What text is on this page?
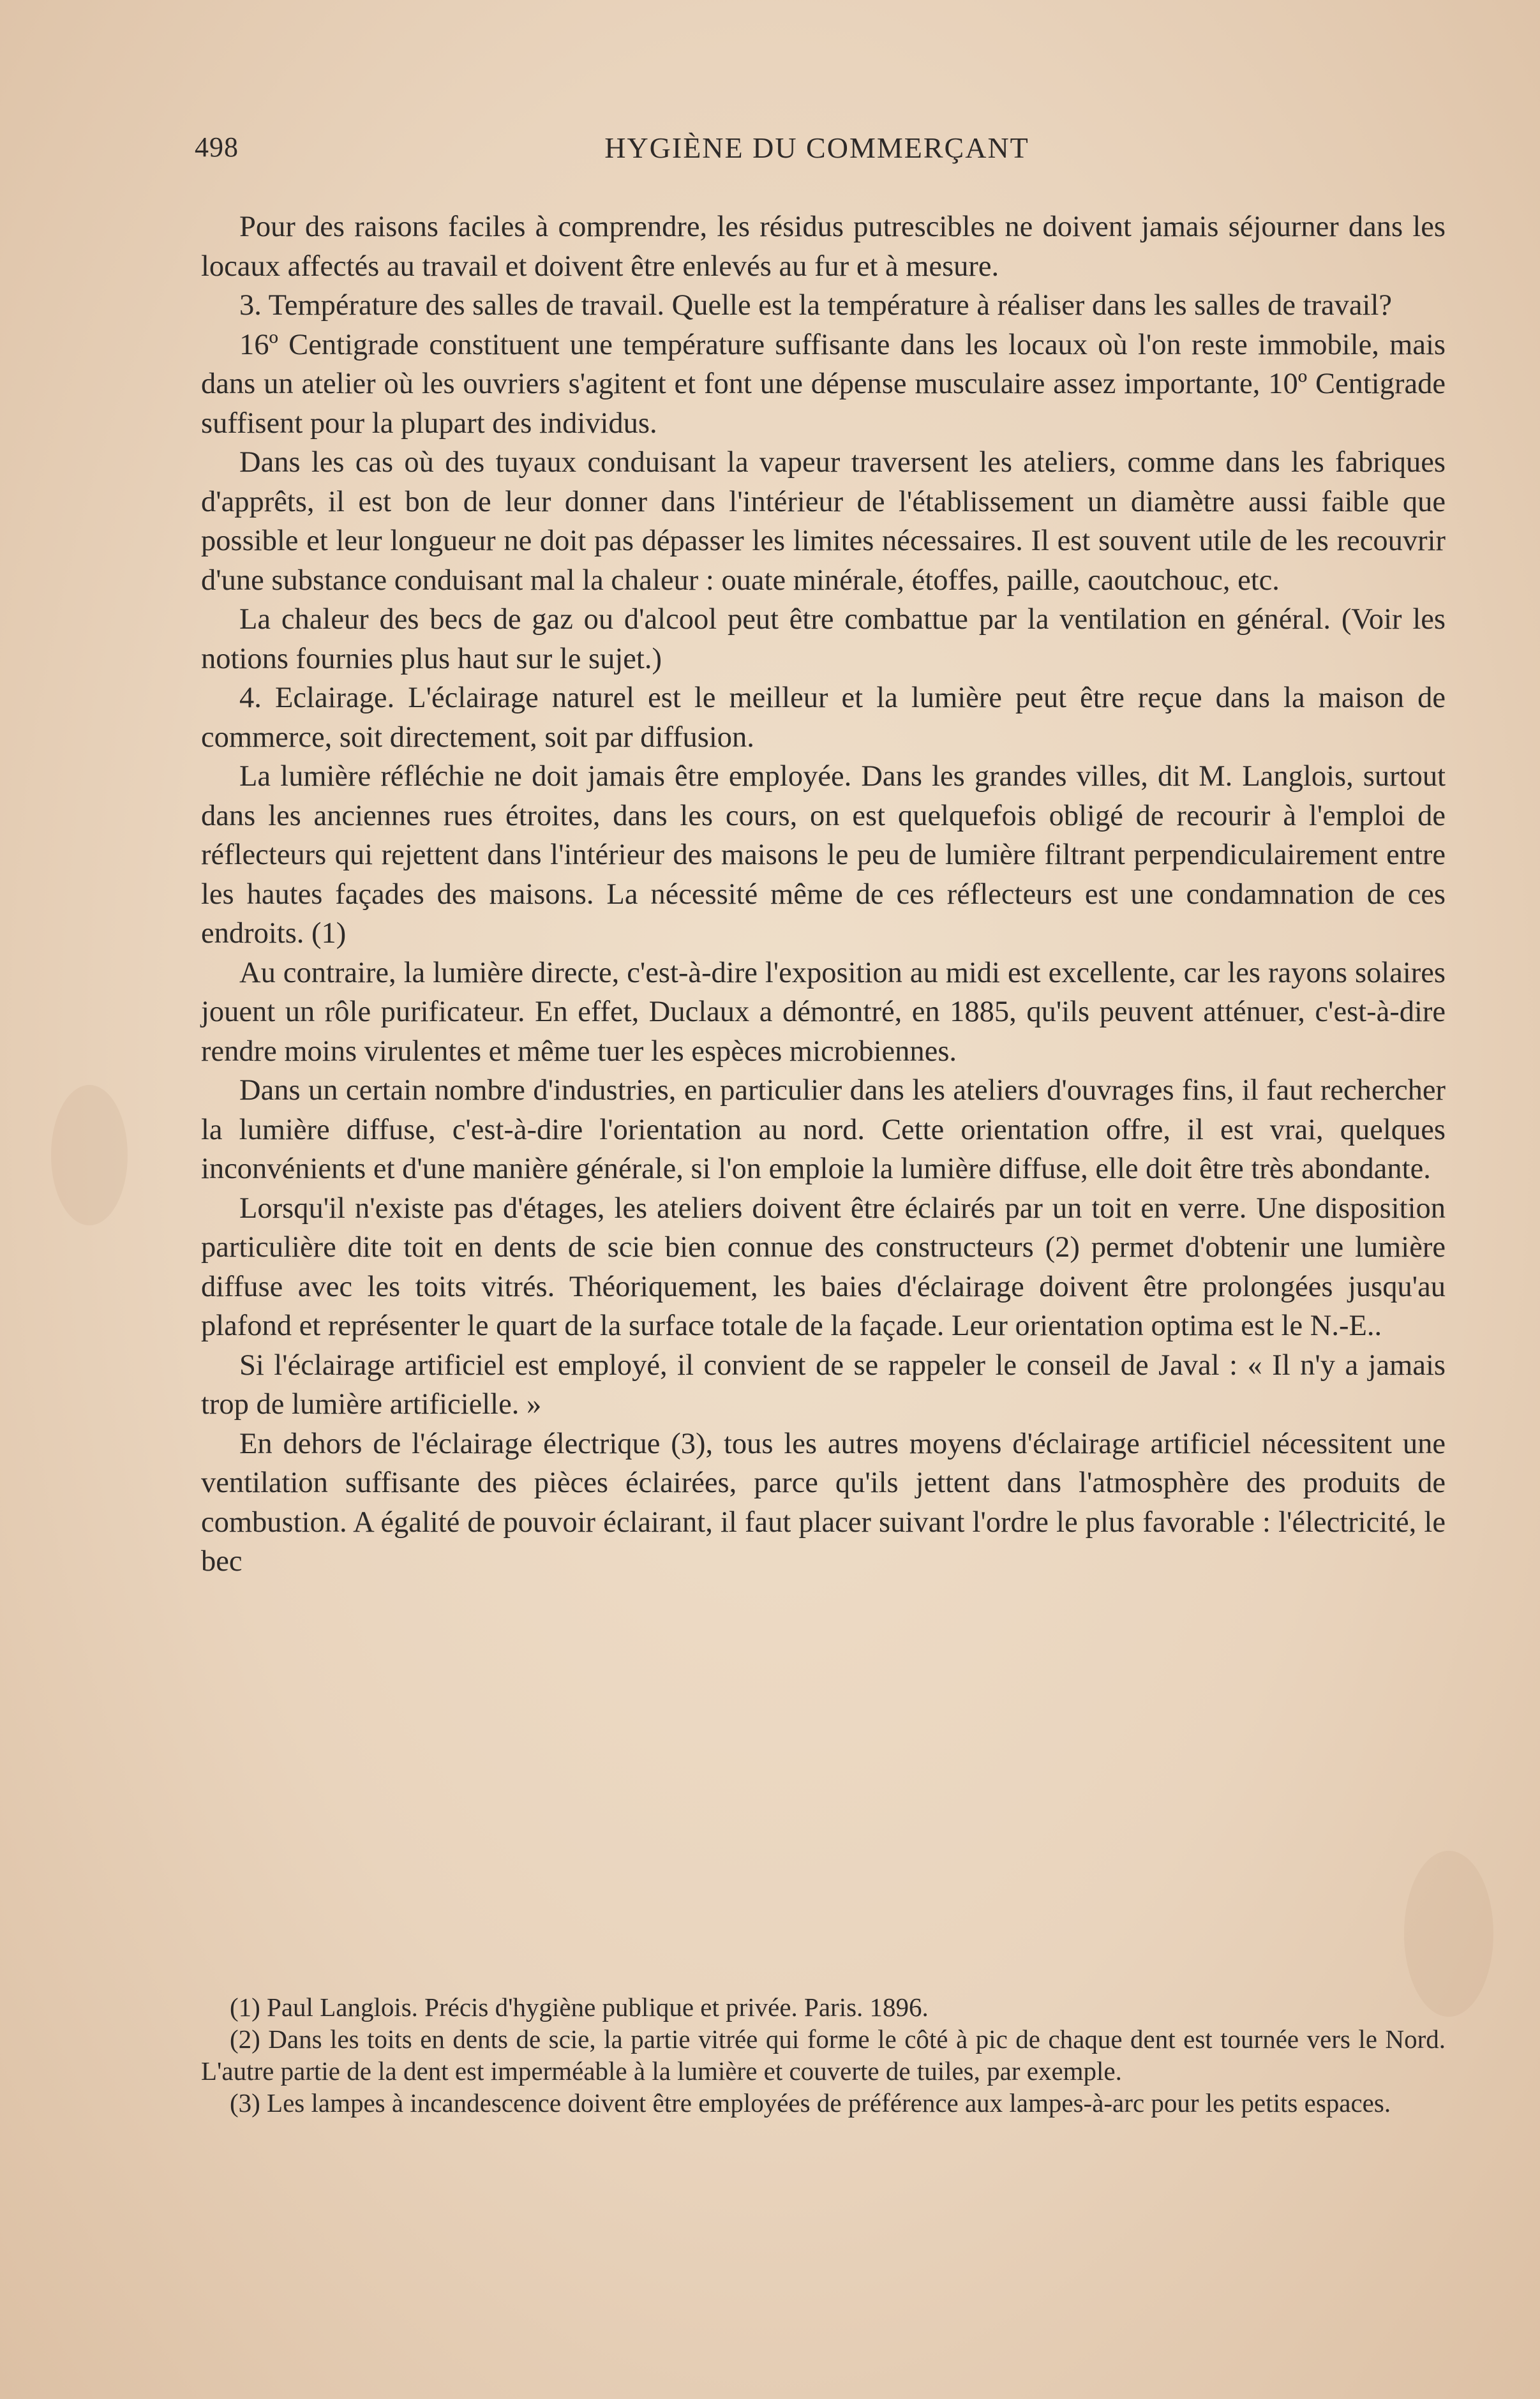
498	HYGIÈNE DU COMMERÇANT

Pour des raisons faciles à comprendre, les résidus putrescibles ne doivent jamais séjourner dans les locaux affectés au travail et doivent être enlevés au fur et à mesure.

3. Température des salles de travail. Quelle est la température à réaliser dans les salles de travail?

16º Centigrade constituent une température suffisante dans les locaux où l'on reste immobile, mais dans un atelier où les ouvriers s'agitent et font une dépense musculaire assez importante, 10º Centigrade suffisent pour la plupart des individus.

Dans les cas où des tuyaux conduisant la vapeur traversent les ateliers, comme dans les fabriques d'apprêts, il est bon de leur donner dans l'intérieur de l'établissement un diamètre aussi faible que possible et leur longueur ne doit pas dépasser les limites nécessaires. Il est souvent utile de les recouvrir d'une substance conduisant mal la chaleur : ouate minérale, étoffes, paille, caoutchouc, etc.

La chaleur des becs de gaz ou d'alcool peut être combattue par la ventilation en général. (Voir les notions fournies plus haut sur le sujet.)

4. Eclairage. L'éclairage naturel est le meilleur et la lumière peut être reçue dans la maison de commerce, soit directement, soit par diffusion.

La lumière réfléchie ne doit jamais être employée. Dans les grandes villes, dit M. Langlois, surtout dans les anciennes rues étroites, dans les cours, on est quelquefois obligé de recourir à l'emploi de réflecteurs qui rejettent dans l'intérieur des maisons le peu de lumière filtrant perpendiculairement entre les hautes façades des maisons. La nécessité même de ces réflecteurs est une condamnation de ces endroits. (1)

Au contraire, la lumière directe, c'est-à-dire l'exposition au midi est excellente, car les rayons solaires jouent un rôle purificateur. En effet, Duclaux a démontré, en 1885, qu'ils peuvent atténuer, c'est-à-dire rendre moins virulentes et même tuer les espèces microbiennes.

Dans un certain nombre d'industries, en particulier dans les ateliers d'ouvrages fins, il faut rechercher la lumière diffuse, c'est-à-dire l'orientation au nord. Cette orientation offre, il est vrai, quelques inconvénients et d'une manière générale, si l'on emploie la lumière diffuse, elle doit être très abondante.

Lorsqu'il n'existe pas d'étages, les ateliers doivent être éclairés par un toit en verre. Une disposition particulière dite toit en dents de scie bien connue des constructeurs (2) permet d'obtenir une lumière diffuse avec les toits vitrés. Théoriquement, les baies d'éclairage doivent être prolongées jusqu'au plafond et représenter le quart de la surface totale de la façade. Leur orientation optima est le N.-E..

Si l'éclairage artificiel est employé, il convient de se rappeler le conseil de Javal : « Il n'y a jamais trop de lumière artificielle. »

En dehors de l'éclairage électrique (3), tous les autres moyens d'éclairage artificiel nécessitent une ventilation suffisante des pièces éclairées, parce qu'ils jettent dans l'atmosphère des produits de combustion. A égalité de pouvoir éclairant, il faut placer suivant l'ordre le plus favorable : l'électricité, le bec

(1) Paul Langlois. Précis d'hygiène publique et privée. Paris. 1896.

(2) Dans les toits en dents de scie, la partie vitrée qui forme le côté à pic de chaque dent est tournée vers le Nord. L'autre partie de la dent est imperméable à la lumière et couverte de tuiles, par exemple.

(3) Les lampes à incandescence doivent être employées de préférence aux lampes-à-arc pour les petits espaces.
